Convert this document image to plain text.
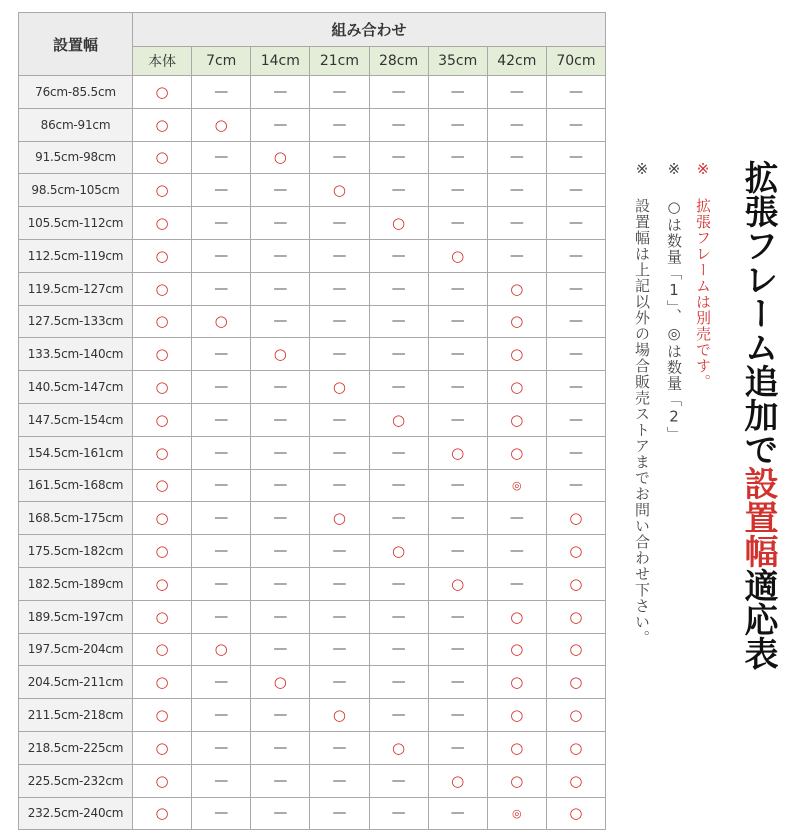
設置幅	組み合わせ							
	本体	7cm	14cm	21cm	28cm	35cm	42cm	70cm
76cm-85.5cm	○	—	—	—	—	—	—	—
86cm-91cm	○	○	—	—	—	—	—	—
91.5cm-98cm	○	—	○	—	—	—	—	—
98.5cm-105cm	○	—	—	○	—	—	—	—
105.5cm-112cm	○	—	—	—	○	—	—	—
112.5cm-119cm	○	—	—	—	—	○	—	—
119.5cm-127cm	○	—	—	—	—	—	○	—
127.5cm-133cm	○	○	—	—	—	—	○	—
133.5cm-140cm	○	—	○	—	—	—	○	—
140.5cm-147cm	○	—	—	○	—	—	○	—
147.5cm-154cm	○	—	—	—	○	—	○	—
154.5cm-161cm	○	—	—	—	—	○	○	—
161.5cm-168cm	○	—	—	—	—	—	◎	—
168.5cm-175cm	○	—	—	○	—	—	—	○
175.5cm-182cm	○	—	—	—	○	—	—	○
182.5cm-189cm	○	—	—	—	—	○	—	○
189.5cm-197cm	○	—	—	—	—	—	○	○
197.5cm-204cm	○	○	—	—	—	—	○	○
204.5cm-211cm	○	—	○	—	—	—	○	○
211.5cm-218cm	○	—	—	○	—	—	○	○
218.5cm-225cm	○	—	—	—	○	—	○	○
225.5cm-232cm	○	—	—	—	—	○	○	○
232.5cm-240cm	○	—	—	—	—	—	◎	○
※ 設置幅は上記以外の場合販売ストアまでお問い合わせ下さい。 ※ ○は数量「1」、◎は数量「2」 ※ 拡張フレームは別売です。 拡張フレーム追加で設置幅適応表
